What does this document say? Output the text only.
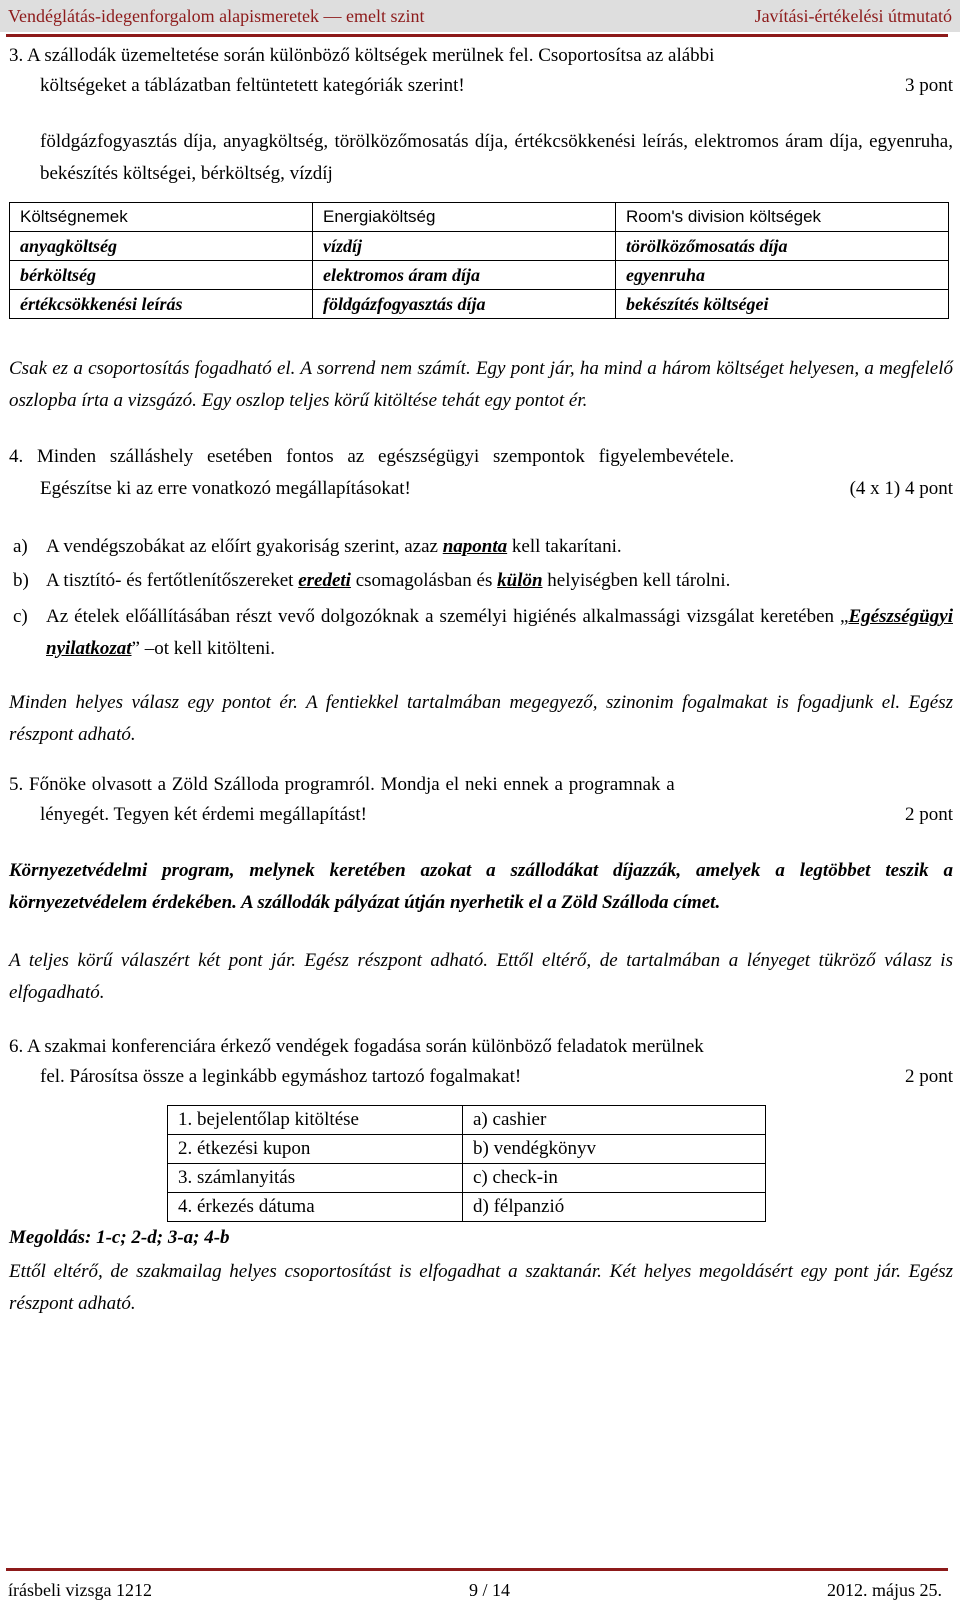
Vendéglátás-idegenforgalom alapismeretek — emelt szint	Javítási-értékelési útmutató
3. A szállodák üzemeltetése során különböző költségek merülnek fel. Csoportosítsa az alábbi
költségeket a táblázatban feltüntetett kategóriák szerint!	3 pont

földgázfogyasztás díja, anyagköltség, törölközőmosatás díja, értékcsökkenési leírás, elektromos áram díja, egyenruha, bekészítés költségei, bérköltség, vízdíj

Költségnemek	Energiaköltség	Room's division költségek
anyagköltség	vízdíj	törölközőmosatás díja
bérköltség	elektromos áram díja	egyenruha
értékcsökkenési leírás	földgázfogyasztás díja	bekészítés költségei

Csak ez a csoportosítás fogadható el. A sorrend nem számít. Egy pont jár, ha mind a három költséget helyesen, a megfelelő oszlopba írta a vizsgázó. Egy oszlop teljes körű kitöltése tehát egy pontot ér.

4. Minden szálláshely esetében fontos az egészségügyi szempontok figyelembevétele.
Egészítse ki az erre vonatkozó megállapításokat!	(4 x 1) 4 pont
a) A vendégszobákat az előírt gyakoriság szerint, azaz naponta kell takarítani.
b) A tisztító- és fertőtlenítőszereket eredeti csomagolásban és külön helyiségben kell tárolni.
c) Az ételek előállításában részt vevő dolgozóknak a személyi higiénés alkalmassági vizsgálat keretében „Egészségügyi nyilatkozat” –ot kell kitölteni.

Minden helyes válasz egy pontot ér. A fentiekkel tartalmában megegyező, szinonim fogalmakat is fogadjunk el. Egész részpont adható.

5. Főnöke olvasott a Zöld Szálloda programról. Mondja el neki ennek a programnak a
lényegét. Tegyen két érdemi megállapítást!	2 pont

Környezetvédelmi program, melynek keretében azokat a szállodákat díjazzák, amelyek a legtöbbet teszik a környezetvédelem érdekében. A szállodák pályázat útján nyerhetik el a Zöld Szálloda címet.

A teljes körű válaszért két pont jár. Egész részpont adható. Ettől eltérő, de tartalmában a lényeget tükröző válasz is elfogadható.

6. A szakmai konferenciára érkező vendégek fogadása során különböző feladatok merülnek
fel. Párosítsa össze a leginkább egymáshoz tartozó fogalmakat!	2 pont
1. bejelentőlap kitöltése	a) cashier
2. étkezési kupon	b) vendégkönyv
3. számlanyitás	c) check-in
4. érkezés dátuma	d) félpanzió
Megoldás: 1-c; 2-d; 3-a; 4-b

Ettől eltérő, de szakmailag helyes csoportosítást is elfogadhat a szaktanár. Két helyes megoldásért egy pont jár. Egész részpont adható.

írásbeli vizsga 1212	9 / 14	2012. május 25.
